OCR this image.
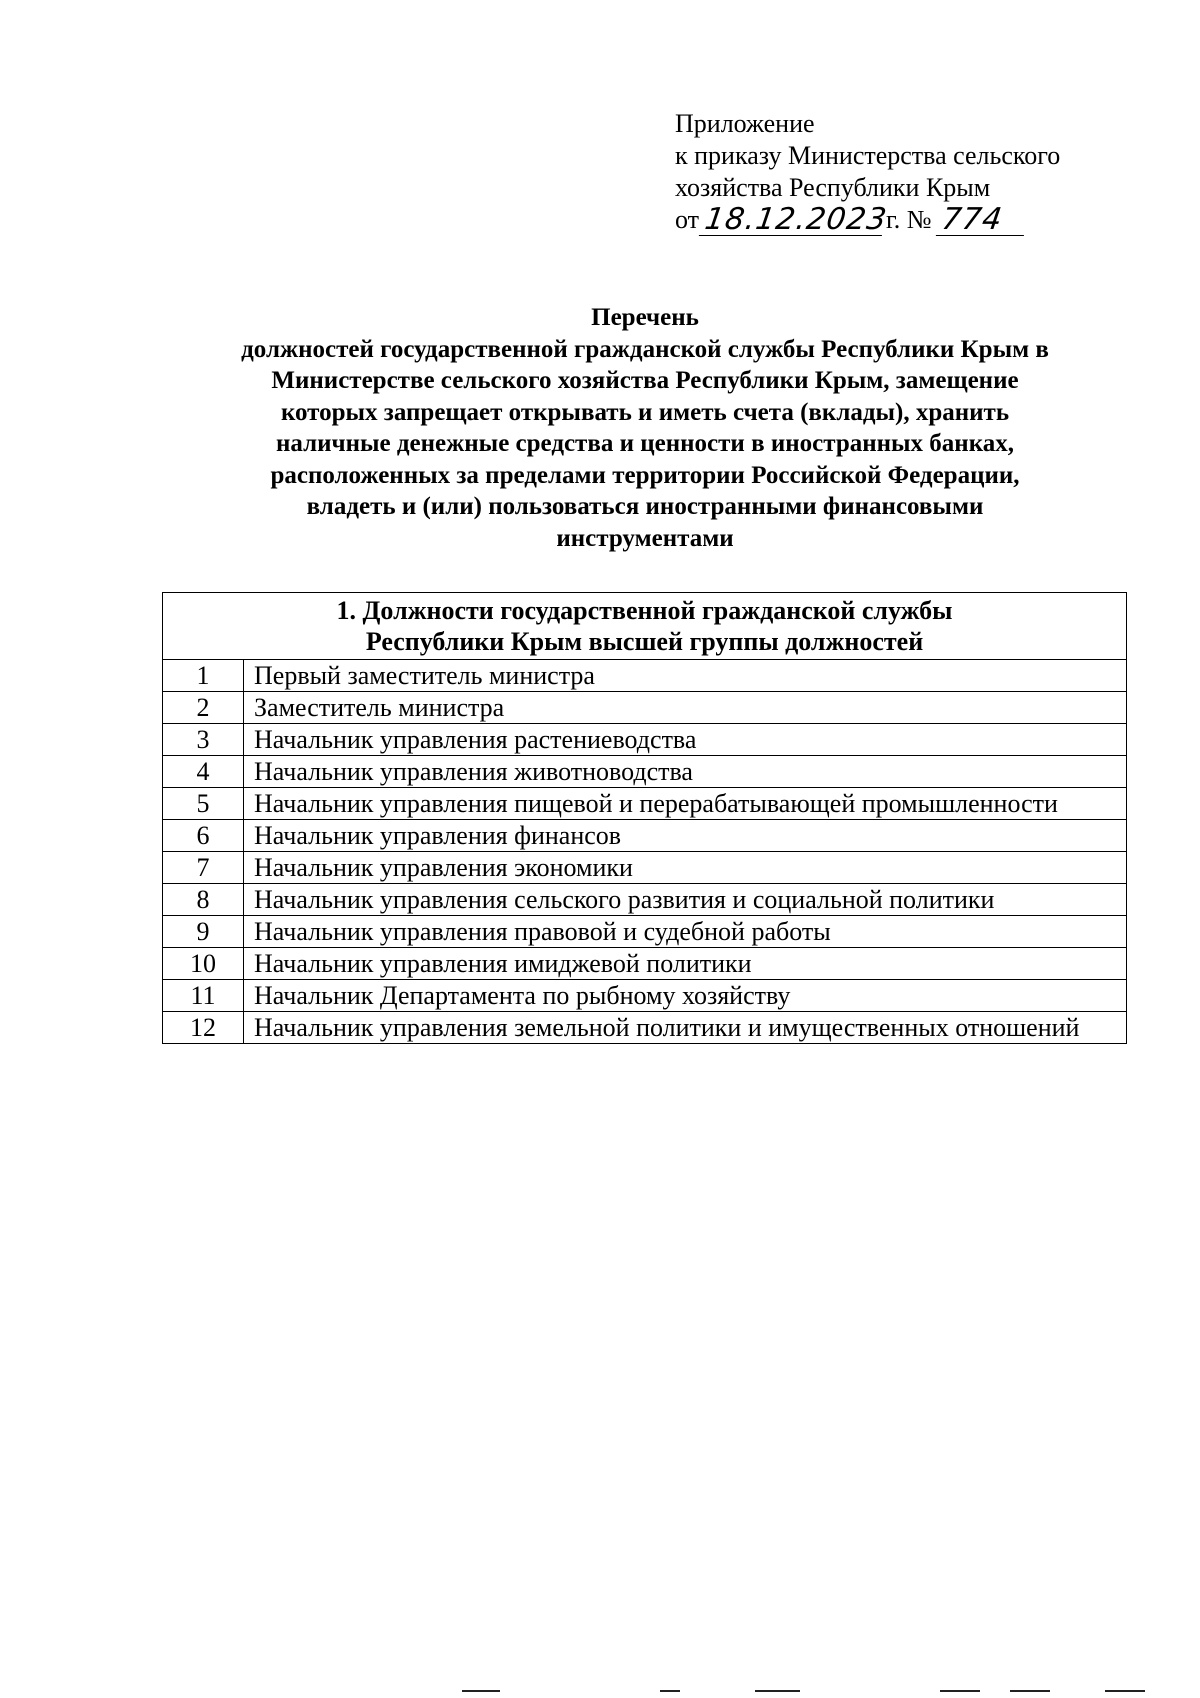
Приложение
к приказу Министерства сельского
хозяйства Республики Крым
от 18.12.2023
г. № 774
Перечень
должностей государственной гражданской службы Республики Крым в
Министерстве сельского хозяйства Республики Крым, замещение
которых запрещает открывать и иметь счета (вклады), хранить
наличные денежные средства и ценности в иностранных банках,
расположенных за пределами территории Российской Федерации,
владеть и (или) пользоваться иностранными финансовыми
инструментами
1. Должности государственной гражданской службы
Республики Крым высшей группы должностей	

1	Первый заместитель министра
2	Заместитель министра
3	Начальник управления растениеводства
4	Начальник управления животноводства
5	Начальник управления пищевой и перерабатывающей промышленности
6	Начальник управления финансов
7	Начальник управления экономики
8	Начальник управления сельского развития и социальной политики
9	Начальник управления правовой и судебной работы
10	Начальник управления имиджевой политики
11	Начальник Департамента по рыбному хозяйству
12	Начальник управления земельной политики и имущественных отношений
